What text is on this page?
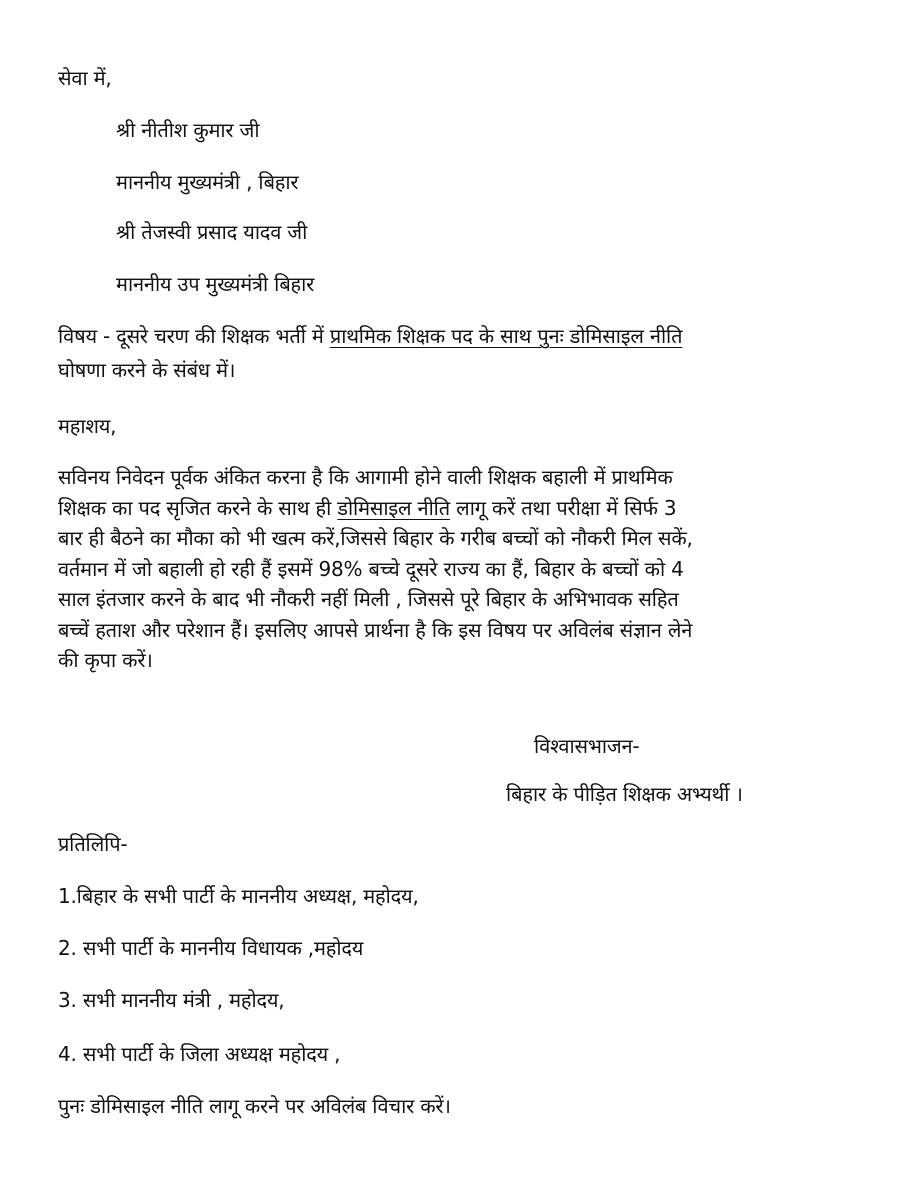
सेवा में,
श्री नीतीश कुमार जी
माननीय मुख्यमंत्री , बिहार
श्री तेजस्वी प्रसाद यादव जी
माननीय उप मुख्यमंत्री बिहार
विषय - दूसरे चरण की शिक्षक भर्ती में प्राथमिक शिक्षक पद के साथ पुनः डोमिसाइल नीति
घोषणा करने के संबंध में।
महाशय,
सविनय निवेदन पूर्वक अंकित करना है कि आगामी होने वाली शिक्षक बहाली में प्राथमिक
शिक्षक का पद सृजित करने के साथ ही डोमिसाइल नीति लागू करें तथा परीक्षा में सिर्फ 3
बार ही बैठने का मौका को भी खत्म करें,जिससे बिहार के गरीब बच्चों को नौकरी मिल सकें,
वर्तमान में जो बहाली हो रही हैं इसमें 98% बच्चे दूसरे राज्य का हैं, बिहार के बच्चों को 4
साल इंतजार करने के बाद भी नौकरी नहीं मिली , जिससे पूरे बिहार के अभिभावक सहित
बच्चें हताश और परेशान हैं। इसलिए आपसे प्रार्थना है कि इस विषय पर अविलंब संज्ञान लेने
की कृपा करें।
विश्वासभाजन-
बिहार के पीड़ित शिक्षक अभ्यर्थी ।
प्रतिलिपि-
1.बिहार के सभी पार्टी के माननीय अध्यक्ष, महोदय,
2. सभी पार्टी के माननीय विधायक ,महोदय
3. सभी माननीय मंत्री , महोदय,
4. सभी पार्टी के जिला अध्यक्ष महोदय ,
पुनः डोमिसाइल नीति लागू करने पर अविलंब विचार करें।
